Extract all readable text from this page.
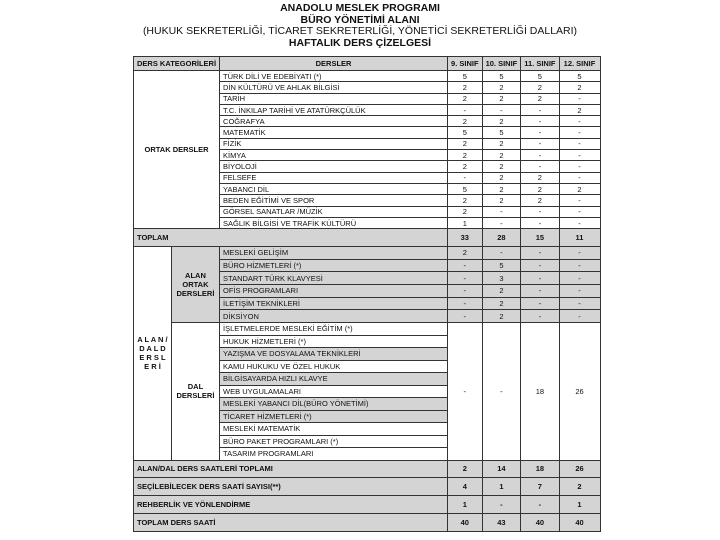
ANADOLU MESLEK PROGRAMI
BÜRO YÖNETİMİ ALANI
(HUKUK SEKRETERLİĞİ, TİCARET SEKRETERLİĞİ, YÖNETİCİ SEKRETERLİĞİ DALLARI)
HAFTALIK DERS ÇİZELGESİ
DERS KATEGORİLERİ		DERSLER	9. SINIF	10. SINIF	11. SINIF	12. SINIF
ORTAK DERSLER		TÜRK DİLİ VE EDEBİYATI (*)	5	5	5	5
		DİN KÜLTÜRÜ VE AHLAK BİLGİSİ	2	2	2	2
		TARİH	2	2	2	-
		T.C. İNKILAP TARİHİ VE ATATÜRKÇÜLÜK	-	-	-	2
		COĞRAFYA	2	2	-	-
		MATEMATİK	5	5	-	-
		FİZİK	2	2	-	-
		KİMYA	2	2	-	-
		BİYOLOJİ	2	2	-	-
		FELSEFE	-	2	2	-
		YABANCI DİL	5	2	2	2
		BEDEN EĞİTİMİ VE SPOR	2	2	2	-
		GÖRSEL SANATLAR /MÜZİK	2	-	-	-
		SAĞLIK BİLGİSİ VE TRAFİK KÜLTÜRÜ	1	-	-	-
TOPLAM			33	28	15	11
A L A N / D A L D E R S L E R İ	ALAN ORTAK DERSLERİ	MESLEKİ GELİŞİM	2	-	-	-
		BÜRO HİZMETLERİ (*)	-	5	-	-
		STANDART TÜRK KLAVYESİ	-	3	-	-
		OFİS PROGRAMLARI	-	2	-	-
		İLETİŞİM TEKNİKLERİ	-	2	-	-
		DİKSİYON	-	2	-	-
	DAL DERSLERİ	İŞLETMELERDE MESLEKİ EĞİTİM (*)	-	-	18	26
		HUKUK HİZMETLERİ (*)				
		YAZIŞMA VE DOSYALAMA TEKNİKLERİ				
		KAMU HUKUKU VE ÖZEL HUKUK				
		BİLGİSAYARDA HIZLI KLAVYE				
		WEB UYGULAMALARI				
		MESLEKİ YABANCI DİL(BÜRO YÖNETİMİ)				
		TİCARET HİZMETLERİ (*)				
		MESLEKİ MATEMATİK				
		BÜRO PAKET PROGRAMLARI (*)				
		TASARIM PROGRAMLARI				
ALAN/DAL DERS SAATLERİ TOPLAMI			2	14	18	26
SEÇİLEBİLECEK DERS SAATİ SAYISI(**)			4	1	7	2
REHBERLİK VE YÖNLENDİRME			1	-	-	1
TOPLAM DERS SAATİ			40	43	40	40
